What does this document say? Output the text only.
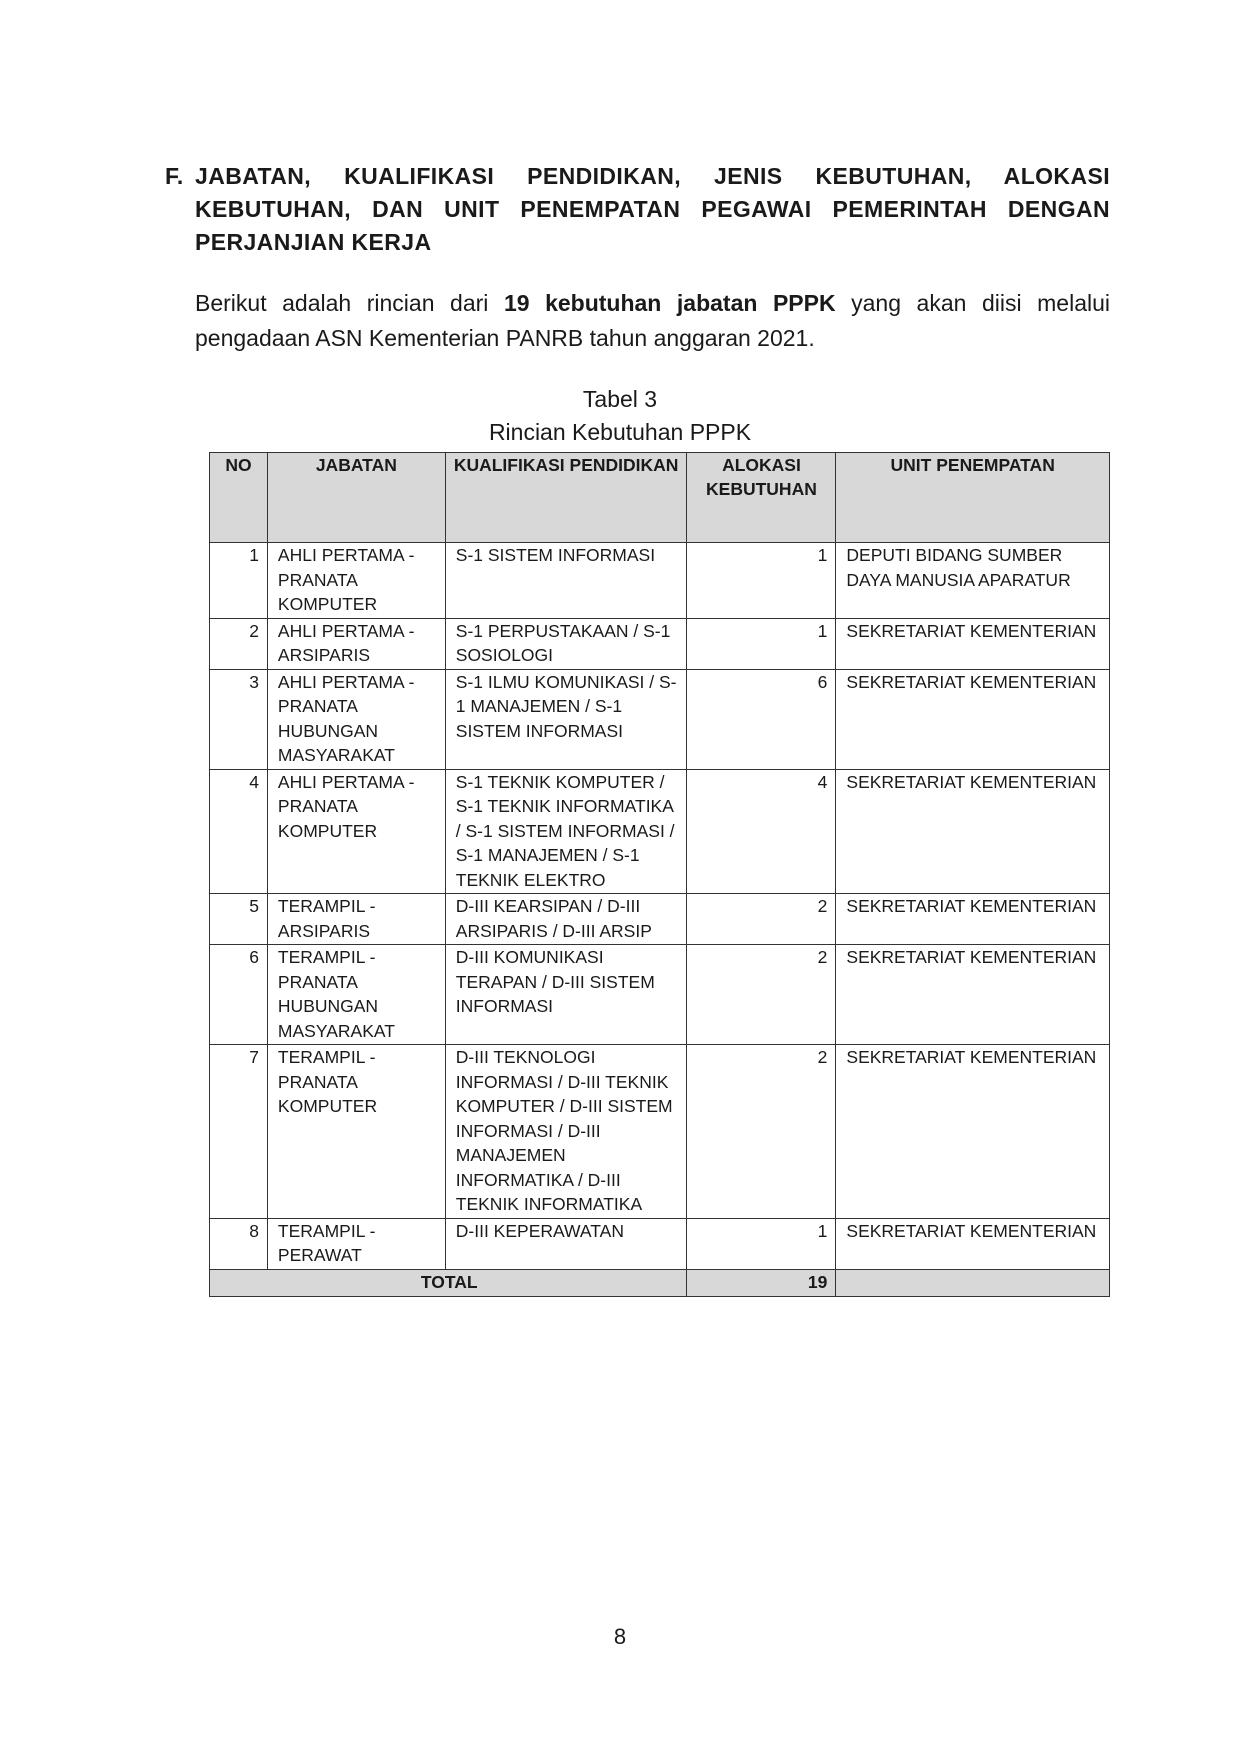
F. JABATAN, KUALIFIKASI PENDIDIKAN, JENIS KEBUTUHAN, ALOKASI KEBUTUHAN, DAN UNIT PENEMPATAN PEGAWAI PEMERINTAH DENGAN PERJANJIAN KERJA

Berikut adalah rincian dari 19 kebutuhan jabatan PPPK yang akan diisi melalui pengadaan ASN Kementerian PANRB tahun anggaran 2021.

Tabel 3
Rincian Kebutuhan PPPK
NO	JABATAN	KUALIFIKASI PENDIDIKAN	ALOKASI KEBUTUHAN	UNIT PENEMPATAN
1	AHLI PERTAMA - PRANATA KOMPUTER	S-1 SISTEM INFORMASI	1	DEPUTI BIDANG SUMBER DAYA MANUSIA APARATUR
2	AHLI PERTAMA - ARSIPARIS	S-1 PERPUSTAKAAN / S-1 SOSIOLOGI	1	SEKRETARIAT KEMENTERIAN
3	AHLI PERTAMA - PRANATA HUBUNGAN MASYARAKAT	S-1 ILMU KOMUNIKASI / S-1 MANAJEMEN / S-1 SISTEM INFORMASI	6	SEKRETARIAT KEMENTERIAN
4	AHLI PERTAMA - PRANATA KOMPUTER	S-1 TEKNIK KOMPUTER / S-1 TEKNIK INFORMATIKA / S-1 SISTEM INFORMASI / S-1 MANAJEMEN / S-1 TEKNIK ELEKTRO	4	SEKRETARIAT KEMENTERIAN
5	TERAMPIL - ARSIPARIS	D-III KEARSIPAN / D-III ARSIPARIS / D-III ARSIP	2	SEKRETARIAT KEMENTERIAN
6	TERAMPIL - PRANATA HUBUNGAN MASYARAKAT	D-III KOMUNIKASI TERAPAN / D-III SISTEM INFORMASI	2	SEKRETARIAT KEMENTERIAN
7	TERAMPIL - PRANATA KOMPUTER	D-III TEKNOLOGI INFORMASI / D-III TEKNIK KOMPUTER / D-III SISTEM INFORMASI / D-III MANAJEMEN INFORMATIKA / D-III TEKNIK INFORMATIKA	2	SEKRETARIAT KEMENTERIAN
8	TERAMPIL - PERAWAT	D-III KEPERAWATAN	1	SEKRETARIAT KEMENTERIAN
TOTAL			19	
8
